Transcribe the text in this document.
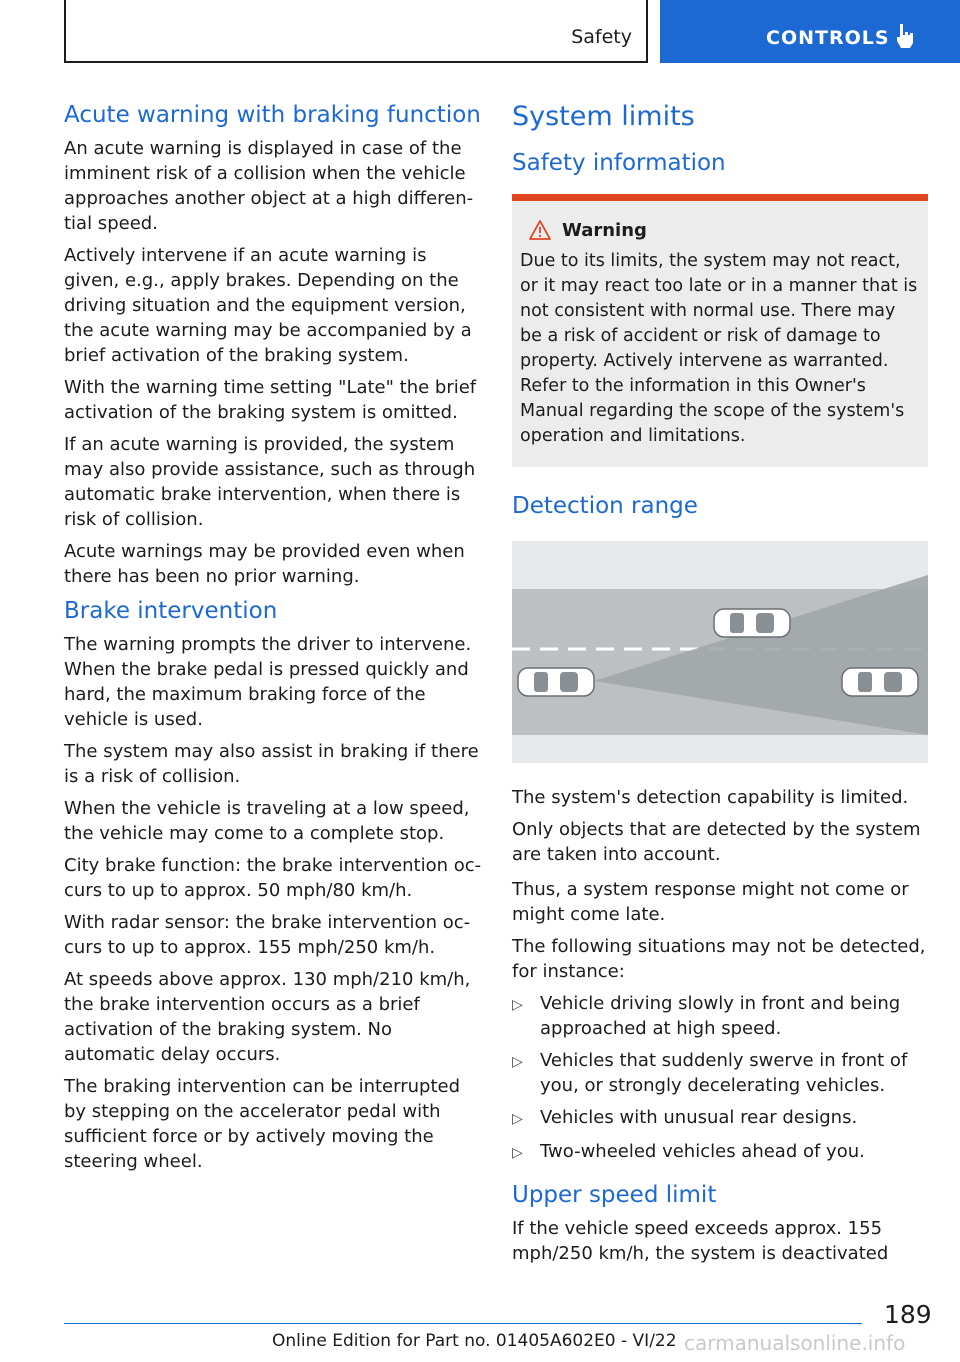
Safety	CONTROLS
Acute warning with braking function

An acute warning is displayed in case of the imminent risk of a collision when the vehicle approaches another object at a high differential speed.

Actively intervene if an acute warning is given, e.g., apply brakes. Depending on the driving situation and the equipment version, the acute warning may be accompanied by a brief activation of the braking system.

With the warning time setting "Late" the brief activation of the braking system is omitted.

If an acute warning is provided, the system may also provide assistance, such as through automatic brake intervention, when there is risk of collision.

Acute warnings may be provided even when there has been no prior warning.

Brake intervention

The warning prompts the driver to intervene. When the brake pedal is pressed quickly and hard, the maximum braking force of the vehicle is used.

The system may also assist in braking if there is a risk of collision.

When the vehicle is traveling at a low speed, the vehicle may come to a complete stop.

City brake function: the brake intervention occurs to up to approx. 50 mph/80 km/h.

With radar sensor: the brake intervention occurs to up to approx. 155 mph/250 km/h.

At speeds above approx. 130 mph/210 km/h, the brake intervention occurs as a brief activation of the braking system. No automatic delay occurs.

The braking intervention can be interrupted by stepping on the accelerator pedal with sufficient force or by actively moving the steering wheel.

System limits
Safety information
Warning

Due to its limits, the system may not react, or it may react too late or in a manner that is not consistent with normal use. There may be a risk of accident or risk of damage to property. Actively intervene as warranted. Refer to the information in this Owner's Manual regarding the scope of the system's operation and limitations.

Detection range

The system's detection capability is limited.

Only objects that are detected by the system are taken into account.

Thus, a system response might not come or might come late.

The following situations may not be detected, for instance:

▷ Vehicle driving slowly in front and being approached at high speed.
▷ Vehicles that suddenly swerve in front of you, or strongly decelerating vehicles.
▷ Vehicles with unusual rear designs.
▷ Two-wheeled vehicles ahead of you.
Upper speed limit

If the vehicle speed exceeds approx. 155 mph/250 km/h, the system is deactivated

189
Online Edition for Part no. 01405A602E0 - VI/22 carmanualsonline.info
